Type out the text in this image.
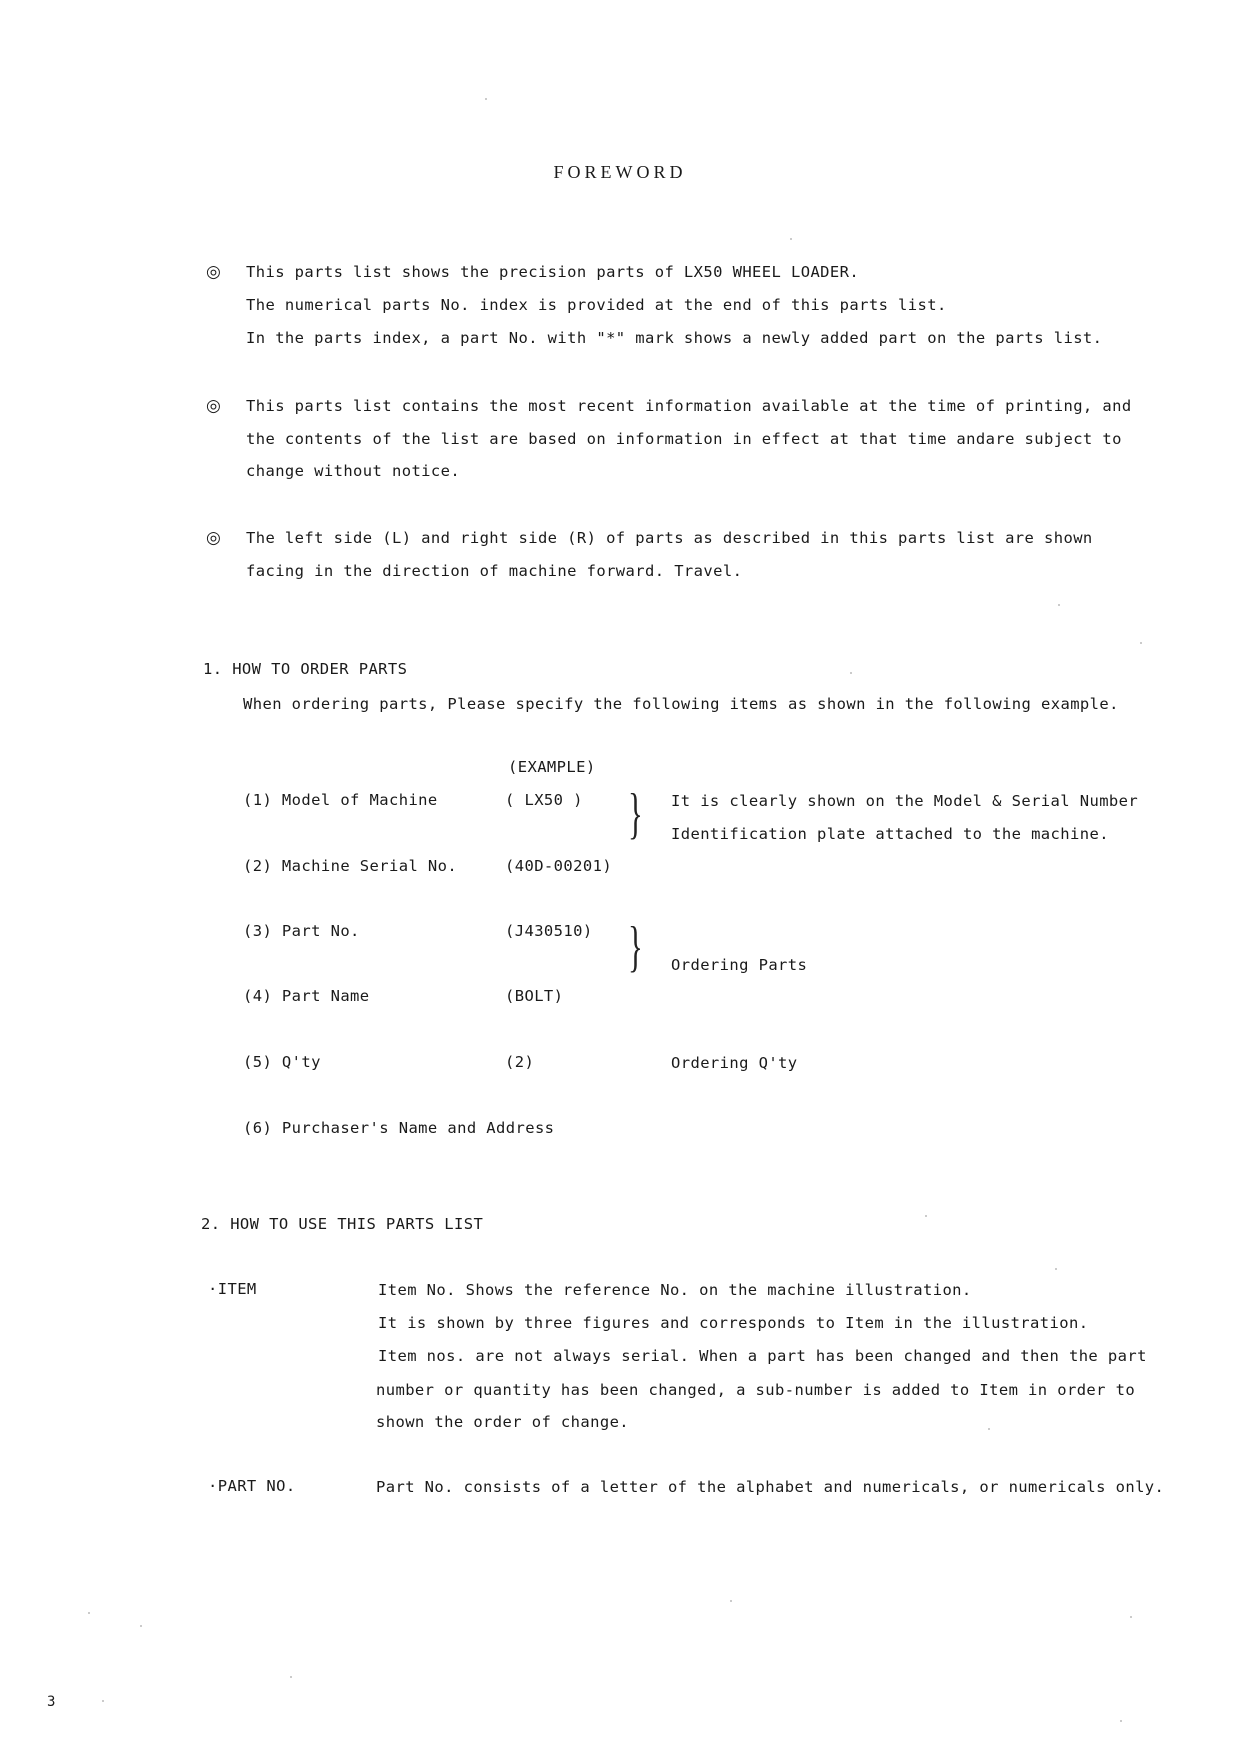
FOREWORD
◎ This parts list shows the precision parts of LX50 WHEEL LOADER.
The numerical parts No. index is provided at the end of this parts list.
In the parts index, a part No. with "*" mark shows a newly added part on the parts list.
◎ This parts list contains the most recent information available at the time of printing, and
the contents of the list are based on information in effect at that time andare subject to
change without notice.
◎ The left side (L) and right side (R) of parts as described in this parts list are shown
facing in the direction of machine forward. Travel.
1. HOW TO ORDER PARTS
When ordering parts, Please specify the following items as shown in the following example.
(EXAMPLE)
(1) Model of Machine	( LX50 )
(2) Machine Serial No.	(40D-00201)
} It is clearly shown on the Model & Serial Number
Identification plate attached to the machine.
(3) Part No.	(J430510)
(4) Part Name	(BOLT)
} Ordering Parts
(5) Q'ty	(2)	Ordering Q'ty
(6) Purchaser's Name and Address
2. HOW TO USE THIS PARTS LIST
·ITEM	Item No. Shows the reference No. on the machine illustration.
It is shown by three figures and corresponds to Item in the illustration.
Item nos. are not always serial. When a part has been changed and then the part
number or quantity has been changed, a sub-number is added to Item in order to
shown the order of change.
·PART NO.	Part No. consists of a letter of the alphabet and numericals, or numericals only.
3
